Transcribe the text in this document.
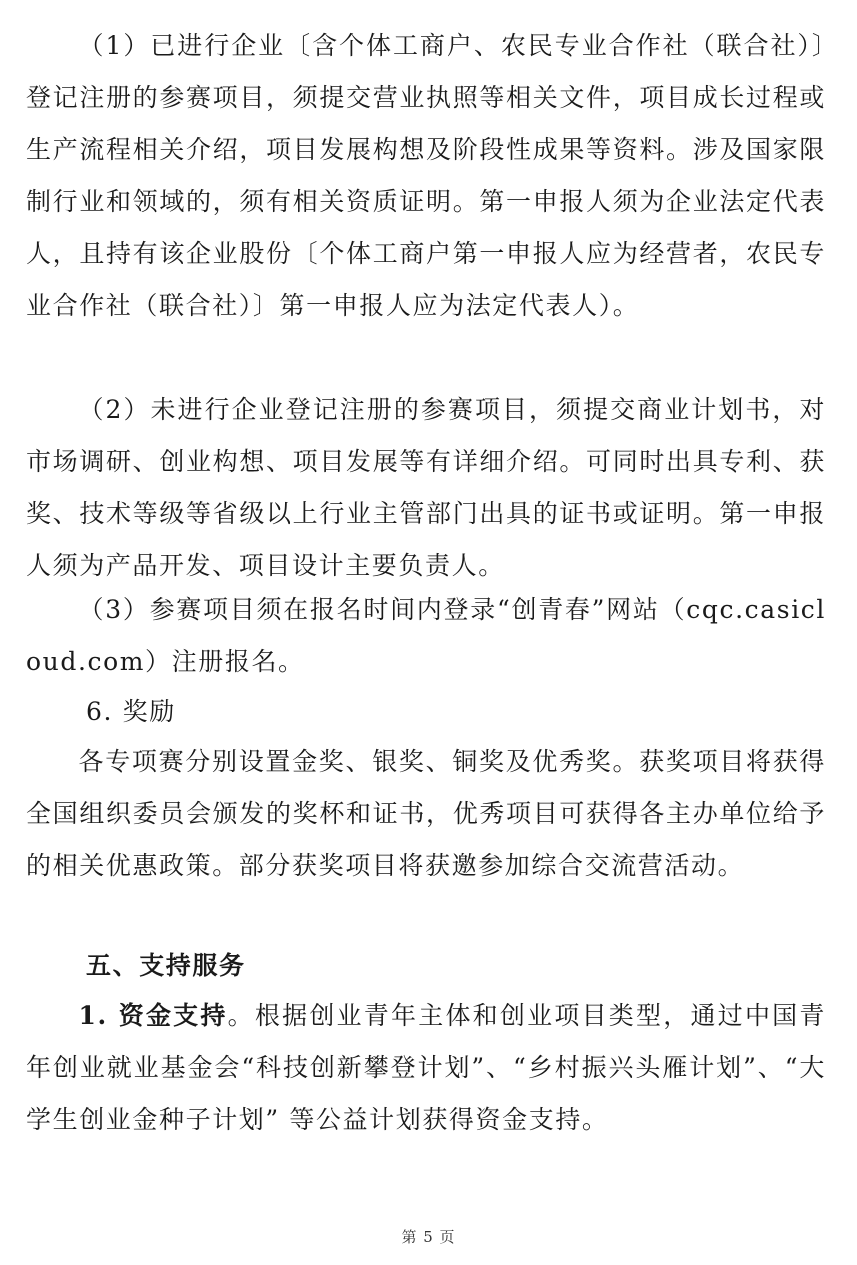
（1）已进行企业〔含个体工商户、农民专业合作社（联合社）〕登记注册的参赛项目，须提交营业执照等相关文件，项目成长过程或生产流程相关介绍，项目发展构想及阶段性成果等资料。涉及国家限制行业和领域的，须有相关资质证明。第一申报人须为企业法定代表人，且持有该企业股份〔个体工商户第一申报人应为经营者，农民专业合作社（联合社）〕第一申报人应为法定代表人）。

（2）未进行企业登记注册的参赛项目，须提交商业计划书，对市场调研、创业构想、项目发展等有详细介绍。可同时出具专利、获奖、技术等级等省级以上行业主管部门出具的证书或证明。第一申报人须为产品开发、项目设计主要负责人。

（3）参赛项目须在报名时间内登录“创青春”网站（cqc.casicloud.com）注册报名。

6. 奖励

各专项赛分别设置金奖、银奖、铜奖及优秀奖。获奖项目将获得全国组织委员会颁发的奖杯和证书，优秀项目可获得各主办单位给予的相关优惠政策。部分获奖项目将获邀参加综合交流营活动。

五、支持服务

1. 资金支持。根据创业青年主体和创业项目类型，通过中国青年创业就业基金会“科技创新攀登计划”、“乡村振兴头雁计划”、“大学生创业金种子计划” 等公益计划获得资金支持。

第 5 页
